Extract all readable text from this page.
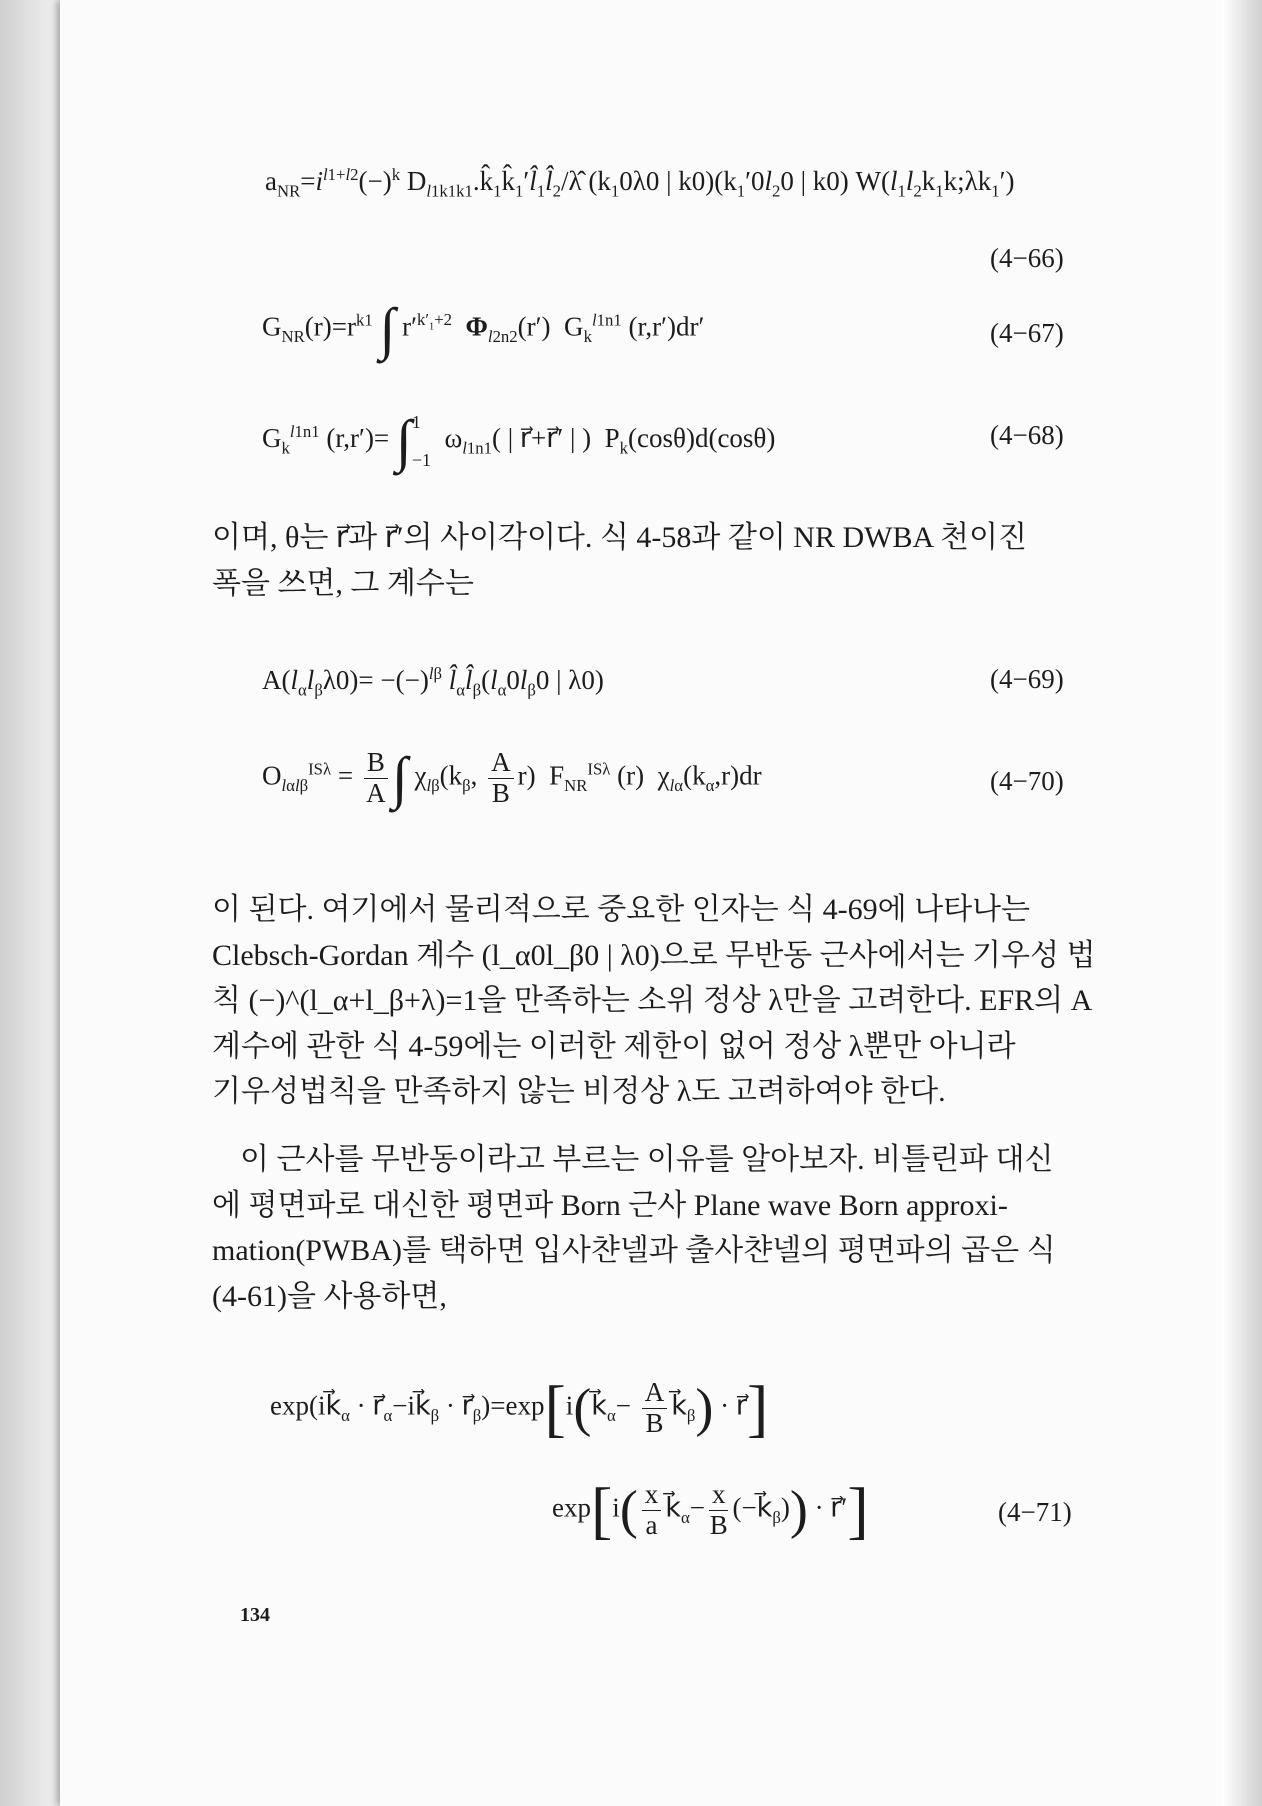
$a_{NR}=i^{l1+l2}(-)^k$ $D_{l1k1k1}.k̂_1k̂_1'l̂_1l̂_2/\lambdâ$ ($k_10\lambda 0$ | $k0)(k_1'0l_20$ | k0) $W(l_1l_2k_1k;\lambda k_1')$
(4−66)
$G_{NR}(r)=r^{k1}$ ∫ $r'^{k'_1+2}$ $\Phi_{l2n2}(r')$  $G_k^{l1n1}$ (r,r′)dr′	(4−67)
$G_k^{l1n1}$ (r,r′)= ∫ 1
−1
$\omega_{l1n1}$( | r⃗+r⃗′ | )  $P_k(\cos\theta)d(\cos\theta)$	(4−68)
이며, θ는 r⃗과 r⃗′의 사이각이다. 식 4-58과 같이 NR DWBA 천이진
폭을 쓰면, 그 계수는
$A(l_\alpha l_\beta\lambda 0)= -(-)^{l\beta}$ $l̂_\alpha l̂_\beta(l_\alpha 0l_\beta 0$ | λ0)	(4−69)
$O_{l\alpha l\beta}^{IS\lambda} = \frac{B}{A}$ ∫ $\chi_{l\beta}(k_\beta$, $\frac{A}{B} r$)  $F_{NR}^{IS\lambda}$ (r)  $\chi_{l\alpha}(k_\alpha,r)dr$	(4−70)
이 된다. 여기에서 물리적으로 중요한 인자는 식 4-69에 나타나는
Clebsch-Gordan 계수 (l_α0l_β0 | λ0)으로 무반동 근사에서는 기우성 법
칙 (−)^(l_α+l_β+λ)=1을 만족하는 소위 정상 λ만을 고려한다. EFR의 A
계수에 관한 식 4-59에는 이러한 제한이 없어 정상 λ뿐만 아니라
기우성법칙을 만족하지 않는 비정상 λ도 고려하여야 한다.
이 근사를 무반동이라고 부르는 이유를 알아보자. 비틀린파 대신
에 평면파로 대신한 평면파 Born 근사 Plane wave Born approxi-
mation(PWBA)를 택하면 입사챤넬과 출사챤넬의 평면파의 곱은 식
(4-61)을 사용하면,
$\exp(ik⃗_\alpha$ · $r⃗_\alpha-ik⃗_\beta$ · $r⃗_\beta)=\exp[i(k⃗_\alpha- \frac{A}{B}$ $k⃗_\beta$) · r⃗]
$\exp[i( \frac{x}{a}$ $k⃗_\alpha- \frac{x}{B}$ $(-k⃗_\beta)$) · r⃗′]	(4−71)
134
